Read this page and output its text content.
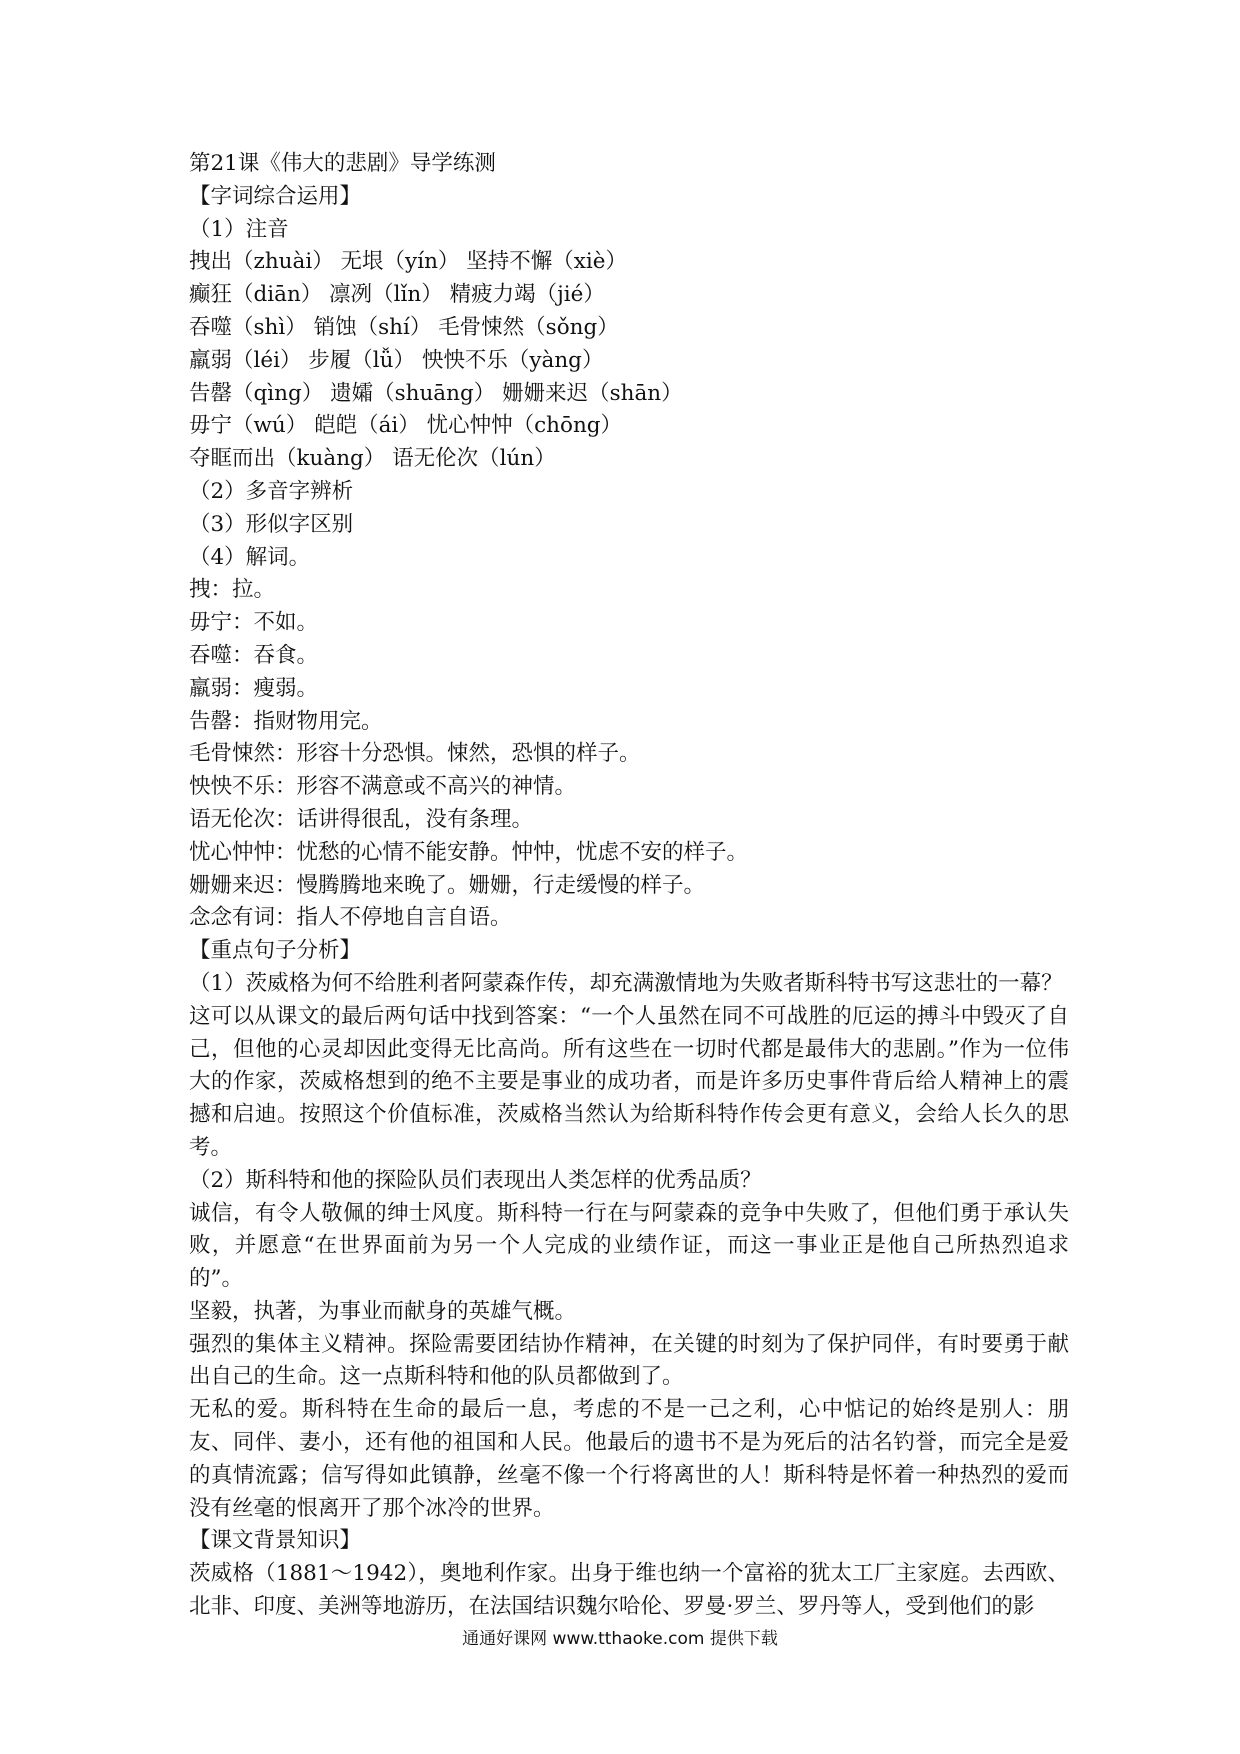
第21课《伟大的悲剧》导学练测
【字词综合运用】
（1）注音
拽出（zhuài） 无垠（yín） 坚持不懈（xiè）
癫狂（diān） 凛冽（lǐn） 精疲力竭（jié）
吞噬（shì） 销蚀（shí） 毛骨悚然（sǒng）
羸弱（léi） 步履（lǚ） 怏怏不乐（yàng）
告罄（qìng） 遗孀（shuāng） 姗姗来迟（shān）
毋宁（wú） 皑皑（ái） 忧心忡忡（chōng）
夺眶而出（kuàng） 语无伦次（lún）
（2）多音字辨析
（3）形似字区别
（4）解词。
拽：拉。
毋宁：不如。
吞噬：吞食。
羸弱：瘦弱。
告罄：指财物用完。
毛骨悚然：形容十分恐惧。悚然，恐惧的样子。
怏怏不乐：形容不满意或不高兴的神情。
语无伦次：话讲得很乱，没有条理。
忧心忡忡：忧愁的心情不能安静。忡忡，忧虑不安的样子。
姗姗来迟：慢腾腾地来晚了。姗姗，行走缓慢的样子。
念念有词：指人不停地自言自语。
【重点句子分析】
（1）茨威格为何不给胜利者阿蒙森作传，却充满激情地为失败者斯科特书写这悲壮的一幕？
这可以从课文的最后两句话中找到答案：“一个人虽然在同不可战胜的厄运的搏斗中毁灭了自己，但他的心灵却因此变得无比高尚。所有这些在一切时代都是最伟大的悲剧。”作为一位伟大的作家，茨威格想到的绝不主要是事业的成功者，而是许多历史事件背后给人精神上的震撼和启迪。按照这个价值标准，茨威格当然认为给斯科特作传会更有意义，会给人长久的思考。
（2）斯科特和他的探险队员们表现出人类怎样的优秀品质？
诚信，有令人敬佩的绅士风度。斯科特一行在与阿蒙森的竞争中失败了，但他们勇于承认失败，并愿意“在世界面前为另一个人完成的业绩作证，而这一事业正是他自己所热烈追求的”。
坚毅，执著，为事业而献身的英雄气概。
强烈的集体主义精神。探险需要团结协作精神，在关键的时刻为了保护同伴，有时要勇于献出自己的生命。这一点斯科特和他的队员都做到了。
无私的爱。斯科特在生命的最后一息，考虑的不是一己之利，心中惦记的始终是别人：朋友、同伴、妻小，还有他的祖国和人民。他最后的遗书不是为死后的沽名钓誉，而完全是爱的真情流露；信写得如此镇静，丝毫不像一个行将离世的人！斯科特是怀着一种热烈的爱而没有丝毫的恨离开了那个冰冷的世界。
【课文背景知识】
茨威格（1881～1942），奥地利作家。出身于维也纳一个富裕的犹太工厂主家庭。去西欧、北非、印度、美洲等地游历，在法国结识魏尔哈伦、罗曼·罗兰、罗丹等人，受到他们的影
通通好课网 www.tthaoke.com 提供下载
